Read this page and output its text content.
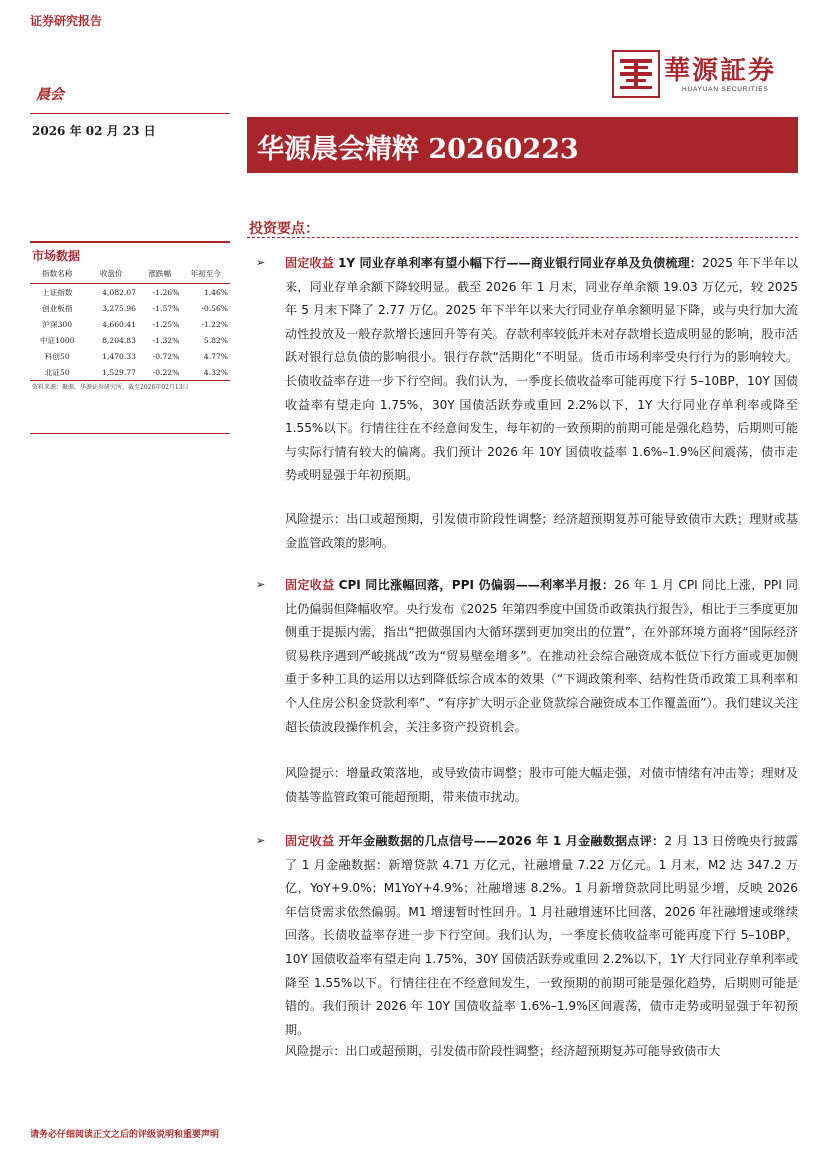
证券研究报告
晨会
華源証券
HUAYUAN SECURITIES
2026 年 02 月 23 日
华源晨会精粹 20260223
投资要点：
市场数据
指数名称	收盘价	涨跌幅	年初至今
上证指数	4,082.07	-1.26%	1.46%
创业板指	3,275.96	-1.57%	-0.56%
沪深300	4,660.41	-1.25%	-1.22%
中证1000	8,204.83	-1.32%	5.82%
科创50	1,470.33	-0.72%	4.77%
北证50	1,529.77	-0.22%	4.32%
资料来源：聚源，华源证券研究所，截至2026年02月13日
➢ 固定收益 1Y 同业存单利率有望小幅下行——商业银行同业存单及负债梳理：2025 年下半年以来，同业存单余额下降较明显。截至 2026 年 1 月末，同业存单余额 19.03 万亿元，较 2025 年 5 月末下降了 2.77 万亿。2025 年下半年以来大行同业存单余额明显下降，或与央行加大流动性投放及一般存款增长速回升等有关。存款利率较低并未对存款增长造成明显的影响，股市活跃对银行总负债的影响很小。银行存款“活期化”不明显。货币市场利率受央行行为的影响较大。长债收益率存进一步下行空间。我们认为，一季度长债收益率可能再度下行 5–10BP，10Y 国债收益率有望走向 1.75%，30Y 国债活跃券或重回 2.2%以下，1Y 大行同业存单利率或降至 1.55%以下。行情往往在不经意间发生，每年初的一致预期的前期可能是强化趋势，后期则可能与实际行情有较大的偏离。我们预计 2026 年 10Y 国债收益率 1.6%–1.9%区间震荡，债市走势或明显强于年初预期。
风险提示：出口或超预期，引发债市阶段性调整；经济超预期复苏可能导致债市大跌；理财或基金监管政策的影响。
➢ 固定收益 CPI 同比涨幅回落，PPI 仍偏弱——利率半月报：26 年 1 月 CPI 同比上涨，PPI 同比仍偏弱但降幅收窄。央行发布《2025 年第四季度中国货币政策执行报告》，相比于三季度更加侧重于提振内需，指出“把做强国内大循环摆到更加突出的位置”，在外部环境方面将“国际经济贸易秩序遇到严峻挑战”改为“贸易壁垒增多”。在推动社会综合融资成本低位下行方面或更加侧重于多种工具的运用以达到降低综合成本的效果（“下调政策利率、结构性货币政策工具利率和个人住房公积金贷款利率”、“有序扩大明示企业贷款综合融资成本工作覆盖面”）。我们建议关注超长债波段操作机会，关注多资产投资机会。
风险提示：增量政策落地，或导致债市调整；股市可能大幅走强，对债市情绪有冲击等；理财及债基等监管政策可能超预期，带来债市扰动。
➢ 固定收益 开年金融数据的几点信号——2026 年 1 月金融数据点评：2 月 13 日傍晚央行披露了 1 月金融数据：新增贷款 4.71 万亿元，社融增量 7.22 万亿元。1 月末，M2 达 347.2 万亿，YoY+9.0%；M1YoY+4.9%；社融增速 8.2%。1 月新增贷款同比明显少增，反映 2026 年信贷需求依然偏弱。M1 增速暂时性回升。1 月社融增速环比回落，2026 年社融增速或继续回落。长债收益率存进一步下行空间。我们认为，一季度长债收益率可能再度下行 5–10BP，10Y 国债收益率有望走向 1.75%，30Y 国债活跃券或重回 2.2%以下，1Y 大行同业存单利率或降至 1.55%以下。行情往往在不经意间发生，一致预期的前期可能是强化趋势，后期则可能是错的。我们预计 2026 年 10Y 国债收益率 1.6%–1.9%区间震荡，债市走势或明显强于年初预期。
风险提示：出口或超预期，引发债市阶段性调整；经济超预期复苏可能导致债市大
请务必仔细阅读正文之后的评级说明和重要声明
